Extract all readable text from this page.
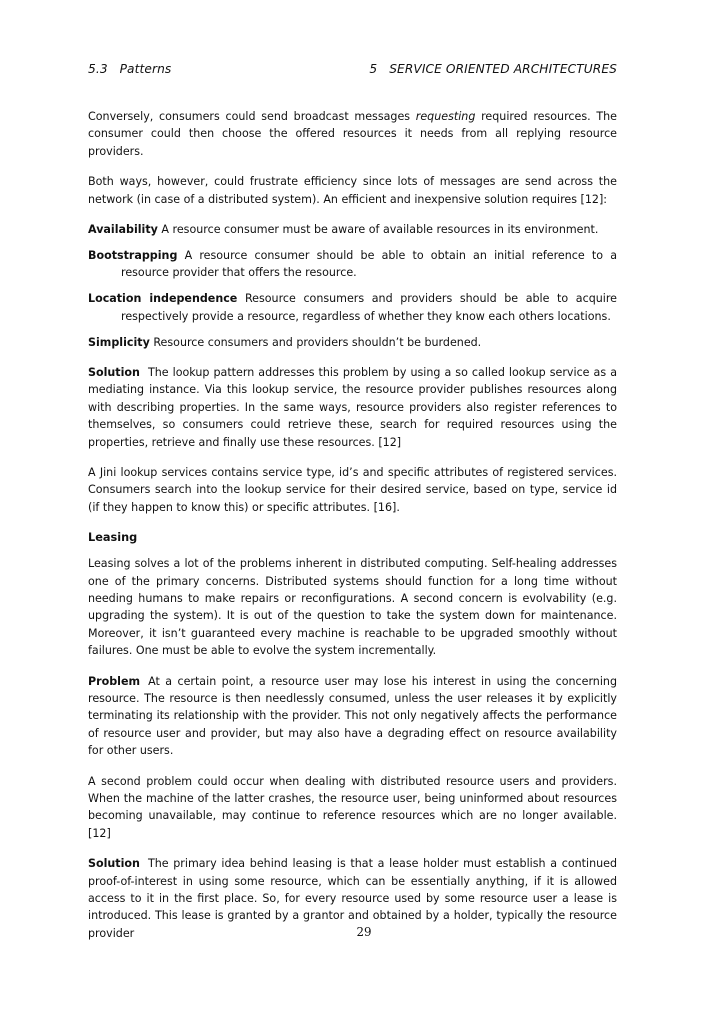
5.3   Patterns	5   SERVICE ORIENTED ARCHITECTURES

Conversely, consumers could send broadcast messages requesting required resources. The consumer could then choose the offered resources it needs from all replying resource providers.

Both ways, however, could frustrate efficiency since lots of messages are send across the network (in case of a distributed system). An efficient and inexpensive solution requires [12]:

Availability A resource consumer must be aware of available resources in its environment.
Bootstrapping A resource consumer should be able to obtain an initial reference to a resource provider that offers the resource.
Location independence Resource consumers and providers should be able to acquire respectively provide a resource, regardless of whether they know each others locations.
Simplicity Resource consumers and providers shouldn’t be burdened.

Solution The lookup pattern addresses this problem by using a so called lookup service as a mediating instance. Via this lookup service, the resource provider publishes resources along with describing properties. In the same ways, resource providers also register references to themselves, so consumers could retrieve these, search for required resources using the properties, retrieve and finally use these resources. [12]

A Jini lookup services contains service type, id’s and specific attributes of registered services. Consumers search into the lookup service for their desired service, based on type, service id (if they happen to know this) or specific attributes. [16].

Leasing

Leasing solves a lot of the problems inherent in distributed computing. Self-healing addresses one of the primary concerns. Distributed systems should function for a long time without needing humans to make repairs or reconfigurations. A second concern is evolvability (e.g. upgrading the system). It is out of the question to take the system down for maintenance. Moreover, it isn’t guaranteed every machine is reachable to be upgraded smoothly without failures. One must be able to evolve the system incrementally.

Problem At a certain point, a resource user may lose his interest in using the concerning resource. The resource is then needlessly consumed, unless the user releases it by explicitly terminating its relationship with the provider. This not only negatively affects the performance of resource user and provider, but may also have a degrading effect on resource availability for other users.

A second problem could occur when dealing with distributed resource users and providers. When the machine of the latter crashes, the resource user, being uninformed about resources becoming unavailable, may continue to reference resources which are no longer available. [12]

Solution The primary idea behind leasing is that a lease holder must establish a continued proof-of-interest in using some resource, which can be essentially anything, if it is allowed access to it in the first place. So, for every resource used by some resource user a lease is introduced. This lease is granted by a grantor and obtained by a holder, typically the resource provider	29
